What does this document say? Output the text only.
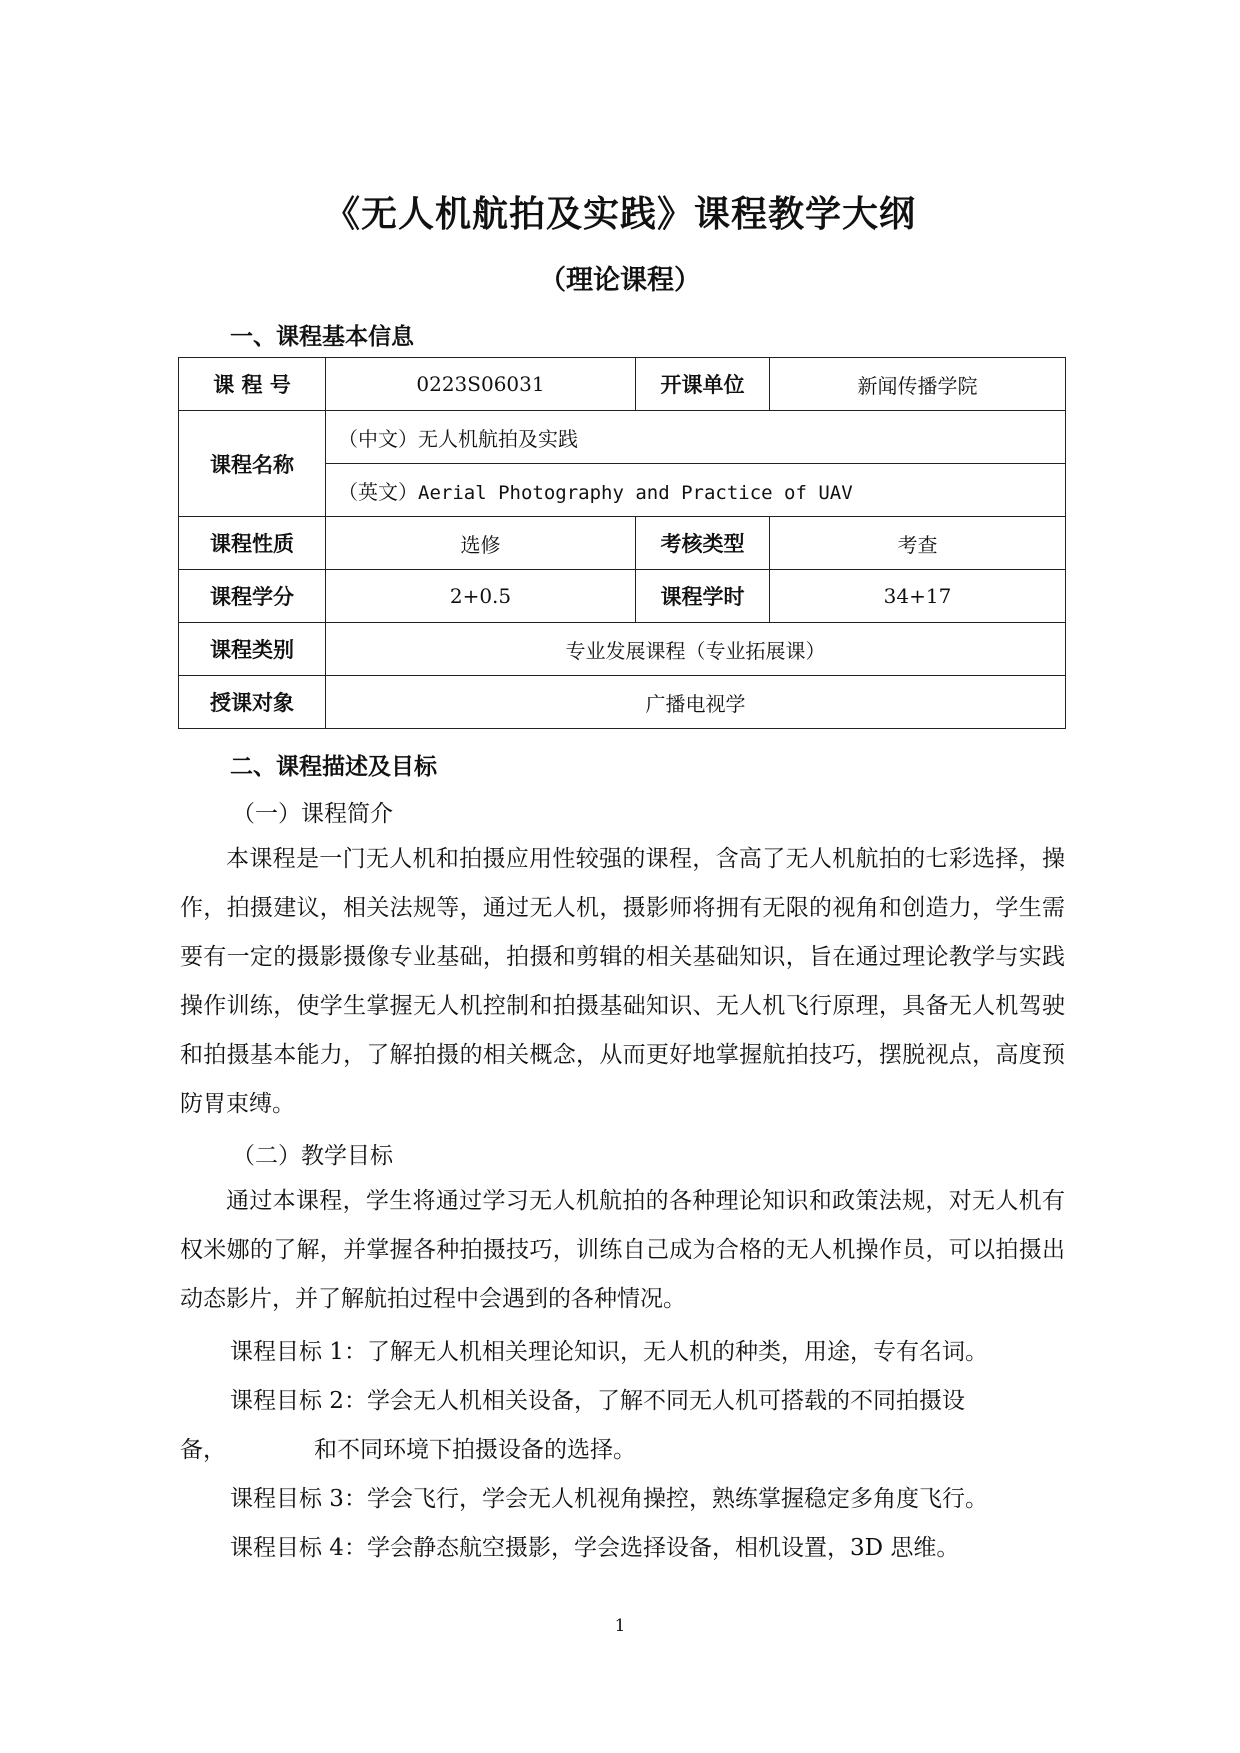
《无人机航拍及实践》课程教学大纲
（理论课程）
一、课程基本信息
课 程 号	0223S06031	开课单位	新闻传播学院
课程名称	（中文）无人机航拍及实践		
	（英文）Aerial Photography and Practice of UAV		
课程性质	选修	考核类型	考查
课程学分	2+0.5	课程学时	34+17
课程类别	专业发展课程（专业拓展课）		
授课对象	广播电视学		
二、课程描述及目标
（一）课程简介

本课程是一门无人机和拍摄应用性较强的课程，含高了无人机航拍的七彩选择，操作，拍摄建议，相关法规等，通过无人机，摄影师将拥有无限的视角和创造力，学生需要有一定的摄影摄像专业基础，拍摄和剪辑的相关基础知识，旨在通过理论教学与实践操作训练，使学生掌握无人机控制和拍摄基础知识、无人机飞行原理，具备无人机驾驶和拍摄基本能力，了解拍摄的相关概念，从而更好地掌握航拍技巧，摆脱视点，高度预防胃束缚。

（二）教学目标

通过本课程，学生将通过学习无人机航拍的各种理论知识和政策法规，对无人机有权米娜的了解，并掌握各种拍摄技巧，训练自己成为合格的无人机操作员，可以拍摄出动态影片，并了解航拍过程中会遇到的各种情况。

课程目标 1：了解无人机相关理论知识，无人机的种类，用途，专有名词。
课程目标 2：学会无人机相关设备，了解不同无人机可搭载的不同拍摄设
备，	和不同环境下拍摄设备的选择。
课程目标 3：学会飞行，学会无人机视角操控，熟练掌握稳定多角度飞行。
课程目标 4：学会静态航空摄影，学会选择设备，相机设置，3D 思维。
1
